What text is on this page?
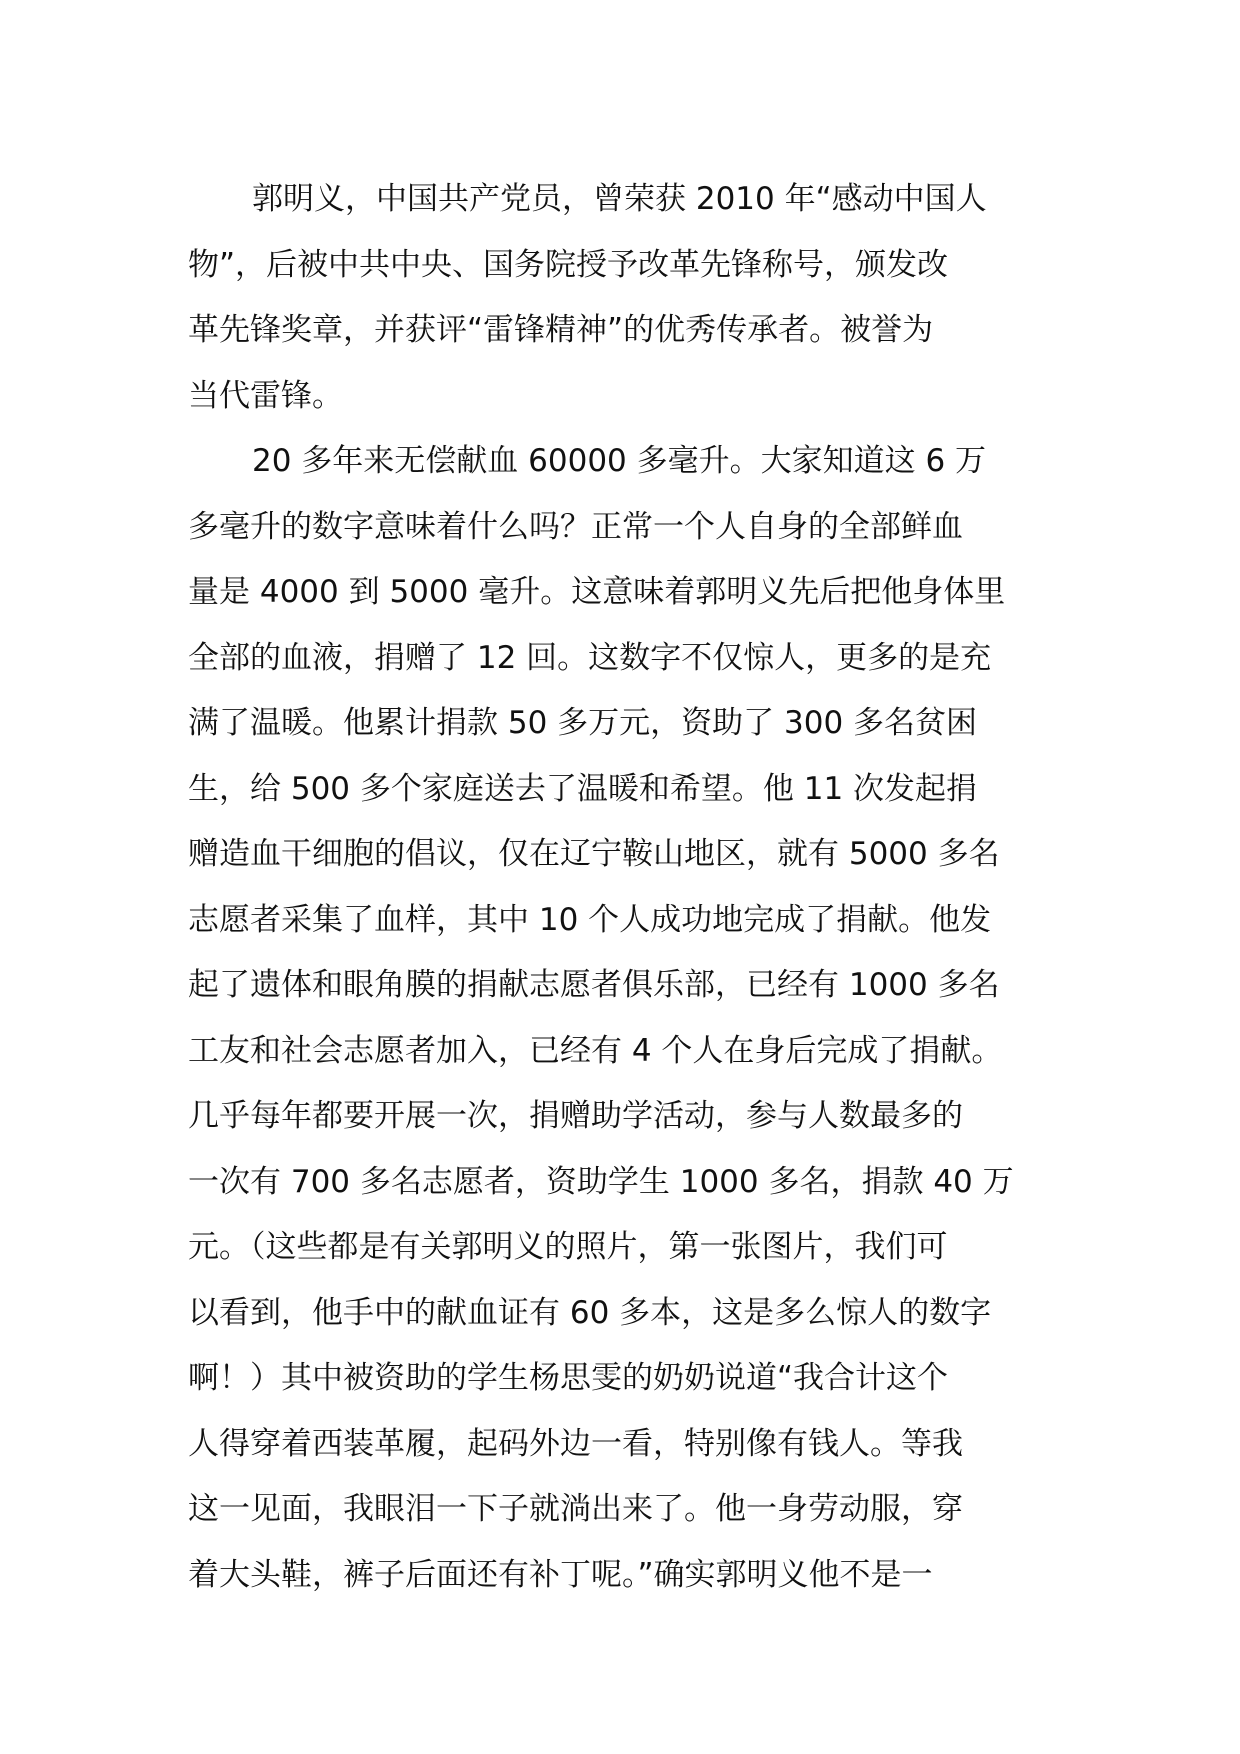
郭明义，中国共产党员，曾荣获 2010 年“感动中国人
物”，后被中共中央、国务院授予改革先锋称号，颁发改
革先锋奖章，并获评“雷锋精神”的优秀传承者。被誉为
当代雷锋。
20 多年来无偿献血 60000 多毫升。大家知道这 6 万
多毫升的数字意味着什么吗？正常一个人自身的全部鲜血
量是 4000 到 5000 毫升。这意味着郭明义先后把他身体里
全部的血液，捐赠了 12 回。这数字不仅惊人，更多的是充
满了温暖。他累计捐款 50 多万元，资助了 300 多名贫困
生，给 500 多个家庭送去了温暖和希望。他 11 次发起捐
赠造血干细胞的倡议，仅在辽宁鞍山地区，就有 5000 多名
志愿者采集了血样，其中 10 个人成功地完成了捐献。他发
起了遗体和眼角膜的捐献志愿者俱乐部，已经有 1000 多名
工友和社会志愿者加入，已经有 4 个人在身后完成了捐献。
几乎每年都要开展一次，捐赠助学活动，参与人数最多的
一次有 700 多名志愿者，资助学生 1000 多名，捐款 40 万
元。（这些都是有关郭明义的照片，第一张图片，我们可
以看到，他手中的献血证有 60 多本，这是多么惊人的数字
啊！）其中被资助的学生杨思雯的奶奶说道“我合计这个
人得穿着西装革履，起码外边一看，特别像有钱人。等我
这一见面，我眼泪一下子就淌出来了。他一身劳动服，穿
着大头鞋，裤子后面还有补丁呢。”确实郭明义他不是一
